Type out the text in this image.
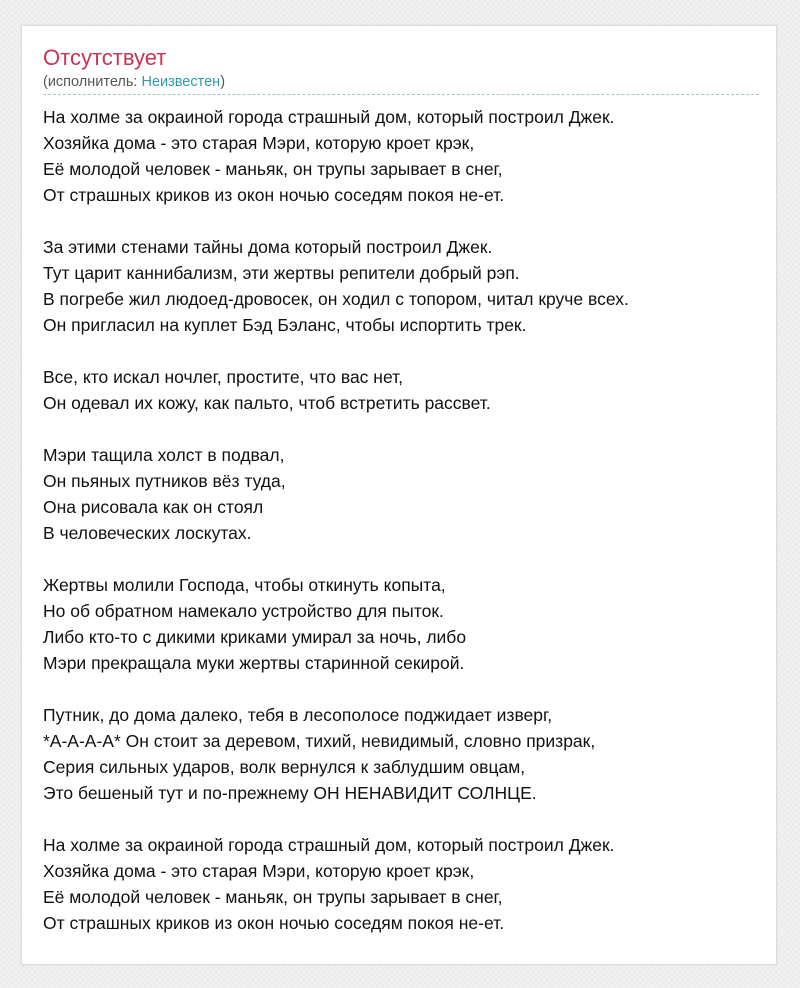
Отсутствует
(исполнитель: Неизвестен)
На холме за окраиной города страшный дом, который построил Джек.
Хозяйка дома - это старая Мэри, которую кроет крэк,
Её молодой человек - маньяк, он трупы зарывает в снег,
От страшных криков из окон ночью соседям покоя не-ет.
За этими стенами тайны дома который построил Джек.
Тут царит каннибализм, эти жертвы репители добрый рэп.
В погребе жил людоед-дровосек, он ходил с топором, читал круче всех.
Он пригласил на куплет Бэд Бэланс, чтобы испортить трек.
Все, кто искал ночлег, простите, что вас нет,
Он одевал их кожу, как пальто, чтоб встретить рассвет.
Мэри тащила холст в подвал,
Он пьяных путников вёз туда,
Она рисовала как он стоял
В человеческих лоскутах.
Жертвы молили Господа, чтобы откинуть копыта,
Но об обратном намекало устройство для пыток.
Либо кто-то с дикими криками умирал за ночь, либо
Мэри прекращала муки жертвы старинной секирой.
Путник, до дома далеко, тебя в лесополосе поджидает изверг,
*А-А-А-А* Он стоит за деревом, тихий, невидимый, словно призрак,
Серия сильных ударов, волк вернулся к заблудшим овцам,
Это бешеный тут и по-прежнему ОН НЕНАВИДИТ СОЛНЦЕ.
На холме за окраиной города страшный дом, который построил Джек.
Хозяйка дома - это старая Мэри, которую кроет крэк,
Её молодой человек - маньяк, он трупы зарывает в снег,
От страшных криков из окон ночью соседям покоя не-ет.
